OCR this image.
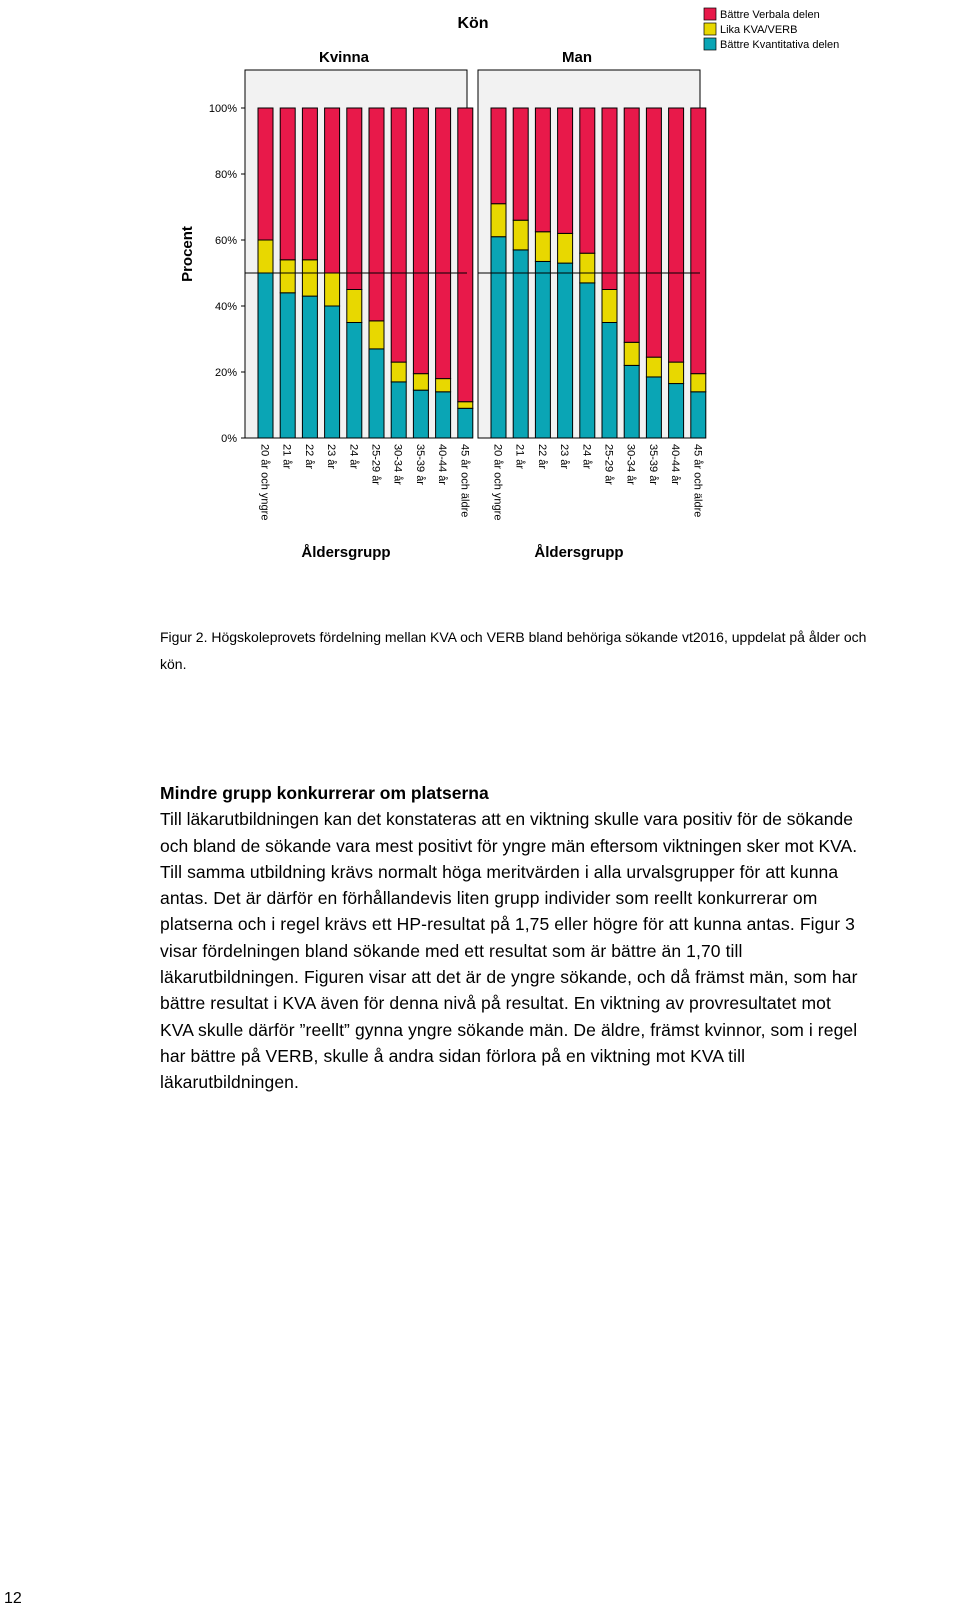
Kön	Bättre Verbala delen
Lika KVA/VERB
Bättre Kvantitativa delen
Procent
0%
20%
40%
60%
80%
100%
Kvinna
20 år och yngre 21 år 22 år 23 år 24 år 25-29 år 30-34 år 35-39 år 40-44 år 45 år och äldre
Åldersgrupp
Man
20 år och yngre 21 år 22 år 23 år 24 år 25-29 år 30-34 år 35-39 år 40-44 år 45 år och äldre
Åldersgrupp
Figur 2. Högskoleprovets fördelning mellan KVA och VERB bland behöriga sökande vt2016, uppdelat på ålder och
kön.
Mindre grupp konkurrerar om platserna

Till läkarutbildningen kan det konstateras att en viktning skulle vara positiv för de sökande
och bland de sökande vara mest positivt för yngre män eftersom viktningen sker mot KVA.

Till samma utbildning krävs normalt höga meritvärden i alla urvalsgrupper för att kunna
antas. Det är därför en förhållandevis liten grupp individer som reellt konkurrerar om
platserna och i regel krävs ett HP-resultat på 1,75 eller högre för att kunna antas. Figur 3
visar fördelningen bland sökande med ett resultat som är bättre än 1,70 till
läkarutbildningen. Figuren visar att det är de yngre sökande, och då främst män, som har
bättre resultat i KVA även för denna nivå på resultat. En viktning av provresultatet mot
KVA skulle därför ”reellt” gynna yngre sökande män. De äldre, främst kvinnor, som i regel
har bättre på VERB, skulle å andra sidan förlora på en viktning mot KVA till
läkarutbildningen.

12
